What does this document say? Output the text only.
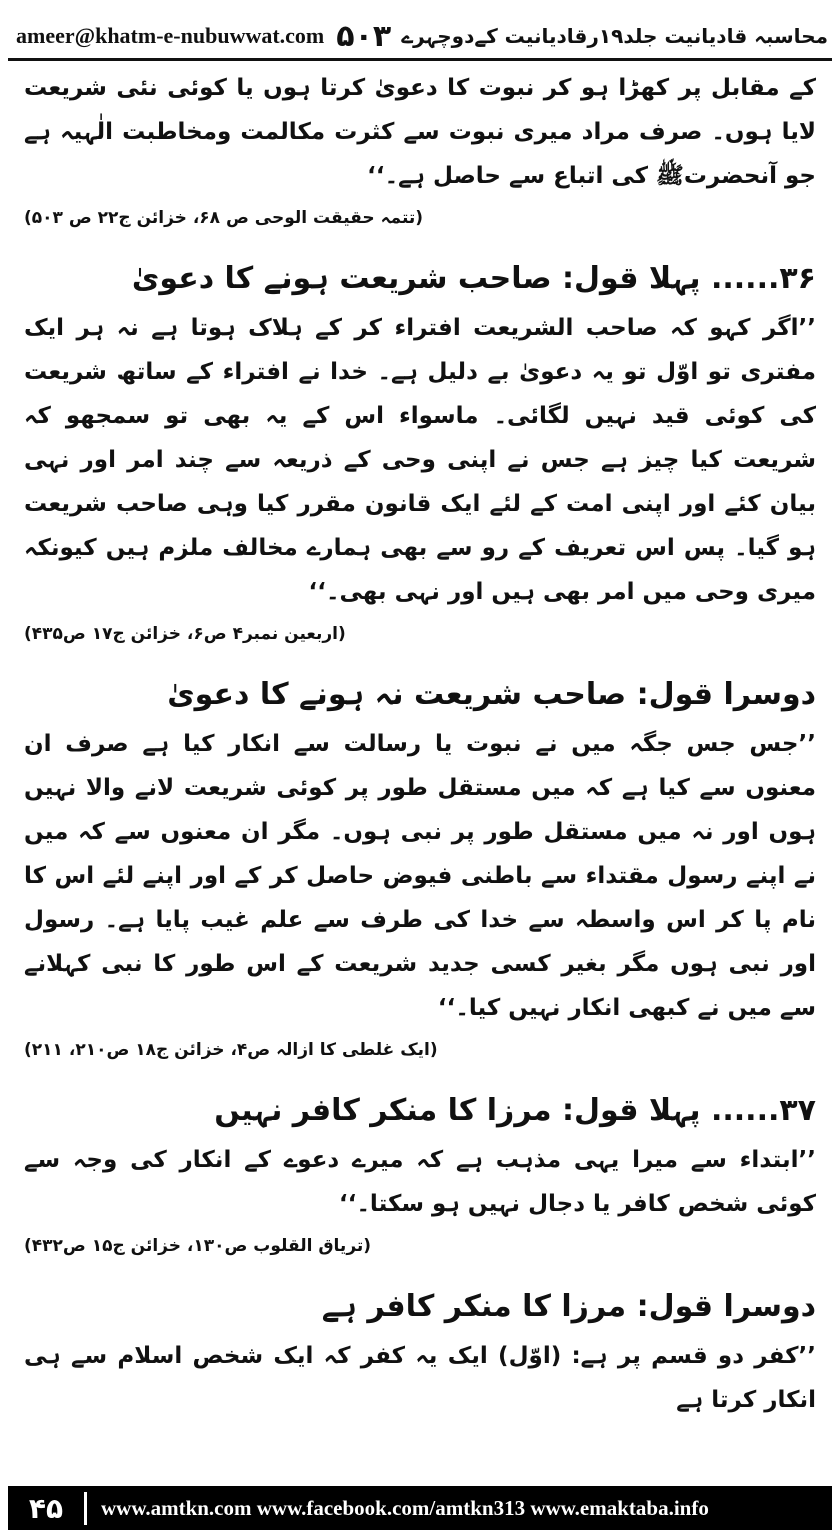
ameer@khatm-e-nubuwwat.com ۵۰۳ محاسبہ قادیانیت جلد۱۹رقادیانیت کےدوچہرے

کے مقابل پر کھڑا ہو کر نبوت کا دعویٰ کرتا ہوں یا کوئی نئی شریعت لایا ہوں۔ صرف مراد میری نبوت سے کثرت مکالمت ومخاطبت الٰہیہ ہے جو آنحضرتﷺ کی اتباع سے حاصل ہے۔‘‘

(تتمہ حقیقت الوحی ص ۶۸، خزائن ج۲۲ ص ۵۰۳)
۳۶...... پہلا قول: صاحب شریعت ہونے کا دعویٰ

’’اگر کہو کہ صاحب الشریعت افتراء کر کے ہلاک ہوتا ہے نہ ہر ایک مفتری تو اوّل تو یہ دعویٰ بے دلیل ہے۔ خدا نے افتراء کے ساتھ شریعت کی کوئی قید نہیں لگائی۔ ماسواء اس کے یہ بھی تو سمجھو کہ شریعت کیا چیز ہے جس نے اپنی وحی کے ذریعہ سے چند امر اور نہی بیان کئے اور اپنی امت کے لئے ایک قانون مقرر کیا وہی صاحب شریعت ہو گیا۔ پس اس تعریف کے رو سے بھی ہمارے مخالف ملزم ہیں کیونکہ میری وحی میں امر بھی ہیں اور نہی بھی۔‘‘

(اربعین نمبر۴ ص۶، خزائن ج۱۷ ص۴۳۵)
دوسرا قول: صاحب شریعت نہ ہونے کا دعویٰ

’’جس جس جگہ میں نے نبوت یا رسالت سے انکار کیا ہے صرف ان معنوں سے کیا ہے کہ میں مستقل طور پر کوئی شریعت لانے والا نہیں ہوں اور نہ میں مستقل طور پر نبی ہوں۔ مگر ان معنوں سے کہ میں نے اپنے رسول مقتداء سے باطنی فیوض حاصل کر کے اور اپنے لئے اس کا نام پا کر اس واسطہ سے خدا کی طرف سے علم غیب پایا ہے۔ رسول اور نبی ہوں مگر بغیر کسی جدید شریعت کے اس طور کا نبی کہلانے سے میں نے کبھی انکار نہیں کیا۔‘‘

(ایک غلطی کا ازالہ ص۴، خزائن ج۱۸ ص۲۱۰، ۲۱۱)
۳۷...... پہلا قول: مرزا کا منکر کافر نہیں

’’ابتداء سے میرا یہی مذہب ہے کہ میرے دعوے کے انکار کی وجہ سے کوئی شخص کافر یا دجال نہیں ہو سکتا۔‘‘

(تریاق القلوب ص۱۳۰، خزائن ج۱۵ ص۴۳۲)
دوسرا قول: مرزا کا منکر کافر ہے

’’کفر دو قسم پر ہے: (اوّل) ایک یہ کفر کہ ایک شخص اسلام سے ہی انکار کرتا ہے

۴۵	www.amtkn.com www.facebook.com/amtkn313 www.emaktaba.info
